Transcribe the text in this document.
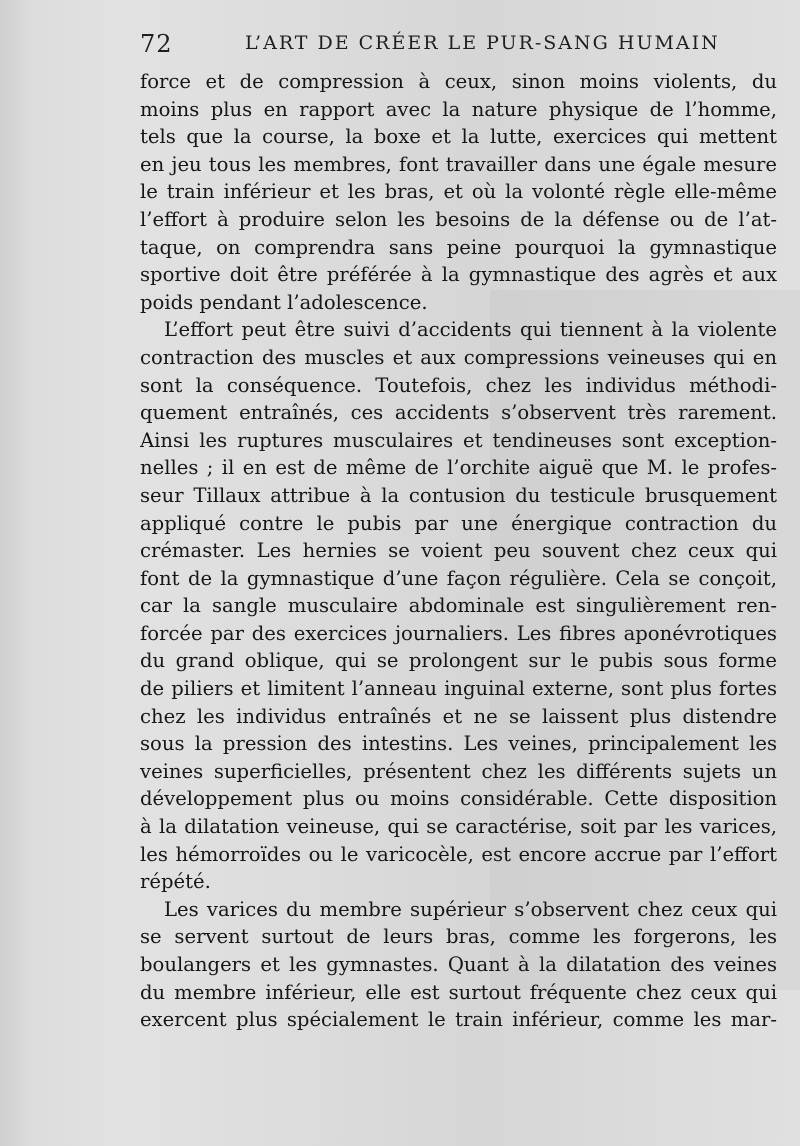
72	L’ART DE CRÉER LE PUR-SANG HUMAIN
force et de compression à ceux, sinon moins violents, du
moins plus en rapport avec la nature physique de l’homme,
tels que la course, la boxe et la lutte, exercices qui mettent
en jeu tous les membres, font travailler dans une égale mesure
le train inférieur et les bras, et où la volonté règle elle-même
l’effort à produire selon les besoins de la défense ou de l’at-
taque, on comprendra sans peine pourquoi la gymnastique
sportive doit être préférée à la gymnastique des agrès et aux
poids pendant l’adolescence.
L’effort peut être suivi d’accidents qui tiennent à la violente
contraction des muscles et aux compressions veineuses qui en
sont la conséquence. Toutefois, chez les individus méthodi-
quement entraînés, ces accidents s’observent très rarement.
Ainsi les ruptures musculaires et tendineuses sont exception-
nelles ; il en est de même de l’orchite aiguë que M. le profes-
seur Tillaux attribue à la contusion du testicule brusquement
appliqué contre le pubis par une énergique contraction du
crémaster. Les hernies se voient peu souvent chez ceux qui
font de la gymnastique d’une façon régulière. Cela se conçoit,
car la sangle musculaire abdominale est singulièrement ren-
forcée par des exercices journaliers. Les fibres aponévrotiques
du grand oblique, qui se prolongent sur le pubis sous forme
de piliers et limitent l’anneau inguinal externe, sont plus fortes
chez les individus entraînés et ne se laissent plus distendre
sous la pression des intestins. Les veines, principalement les
veines superficielles, présentent chez les différents sujets un
développement plus ou moins considérable. Cette disposition
à la dilatation veineuse, qui se caractérise, soit par les varices,
les hémorroïdes ou le varicocèle, est encore accrue par l’effort
répété.
Les varices du membre supérieur s’observent chez ceux qui
se servent surtout de leurs bras, comme les forgerons, les
boulangers et les gymnastes. Quant à la dilatation des veines
du membre inférieur, elle est surtout fréquente chez ceux qui
exercent plus spécialement le train inférieur, comme les mar-
